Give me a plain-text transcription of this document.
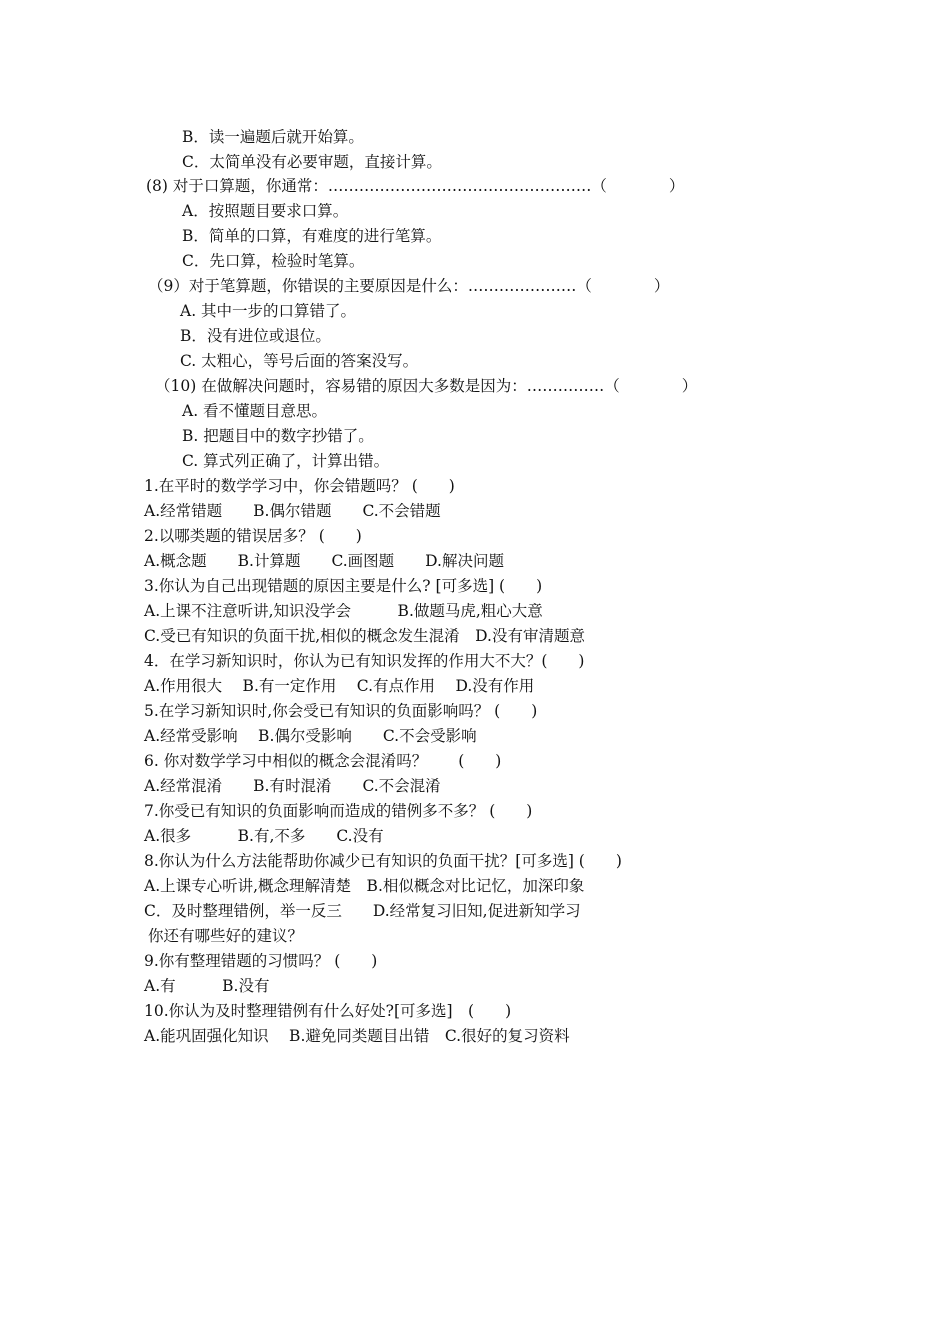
B．读一遍题后就开始算。
C．太简单没有必要审题，直接计算。
(8) 对于口算题，你通常：……………………………………………（　　　　）
A．按照题目要求口算。
B．简单的口算，有难度的进行笔算。
C．先口算，检验时笔算。
（9）对于笔算题，你错误的主要原因是什么：…………………（　　　　）
A. 其中一步的口算错了。
B．没有进位或退位。
C. 太粗心，等号后面的答案没写。
（10) 在做解决问题时，容易错的原因大多数是因为：……………（　　　　）
A. 看不懂题目意思。
B. 把题目中的数字抄错了。
C. 算式列正确了，计算出错。
1.在平时的数学学习中，你会错题吗？ (　　)
A.经常错题　　B.偶尔错题　　C.不会错题
2.以哪类题的错误居多？ (　　)
A.概念题　　B.计算题　　C.画图题　　D.解决问题
3.你认为自己出现错题的原因主要是什么? [可多选] (　　)
A.上课不注意听讲,知识没学会　　　B.做题马虎,粗心大意
C.受已有知识的负面干扰,相似的概念发生混淆　D.没有审清题意
4．在学习新知识时，你认为已有知识发挥的作用大不大？(　　)
A.作用很大　 B.有一定作用　 C.有点作用　 D.没有作用
5.在学习新知识时,你会受已有知识的负面影响吗？ (　　)
A.经常受影响　 B.偶尔受影响　　C.不会受影响
6. 你对数学学习中相似的概念会混淆吗？　　(　　)
A.经常混淆　　B.有时混淆　　C.不会混淆
7.你受已有知识的负面影响而造成的错例多不多？ (　　)
A.很多　　　B.有,不多　　C.没有
8.你认为什么方法能帮助你减少已有知识的负面干扰？[可多选] (　　)
A.上课专心听讲,概念理解清楚　B.相似概念对比记忆，加深印象
C．及时整理错例，举一反三　　D.经常复习旧知,促进新知学习
你还有哪些好的建议？
9.你有整理错题的习惯吗？ (　　)
A.有　　　B.没有
10.你认为及时整理错例有什么好处?[可多选]　(　　)
A.能巩固强化知识　 B.避免同类题目出错　C.很好的复习资料
